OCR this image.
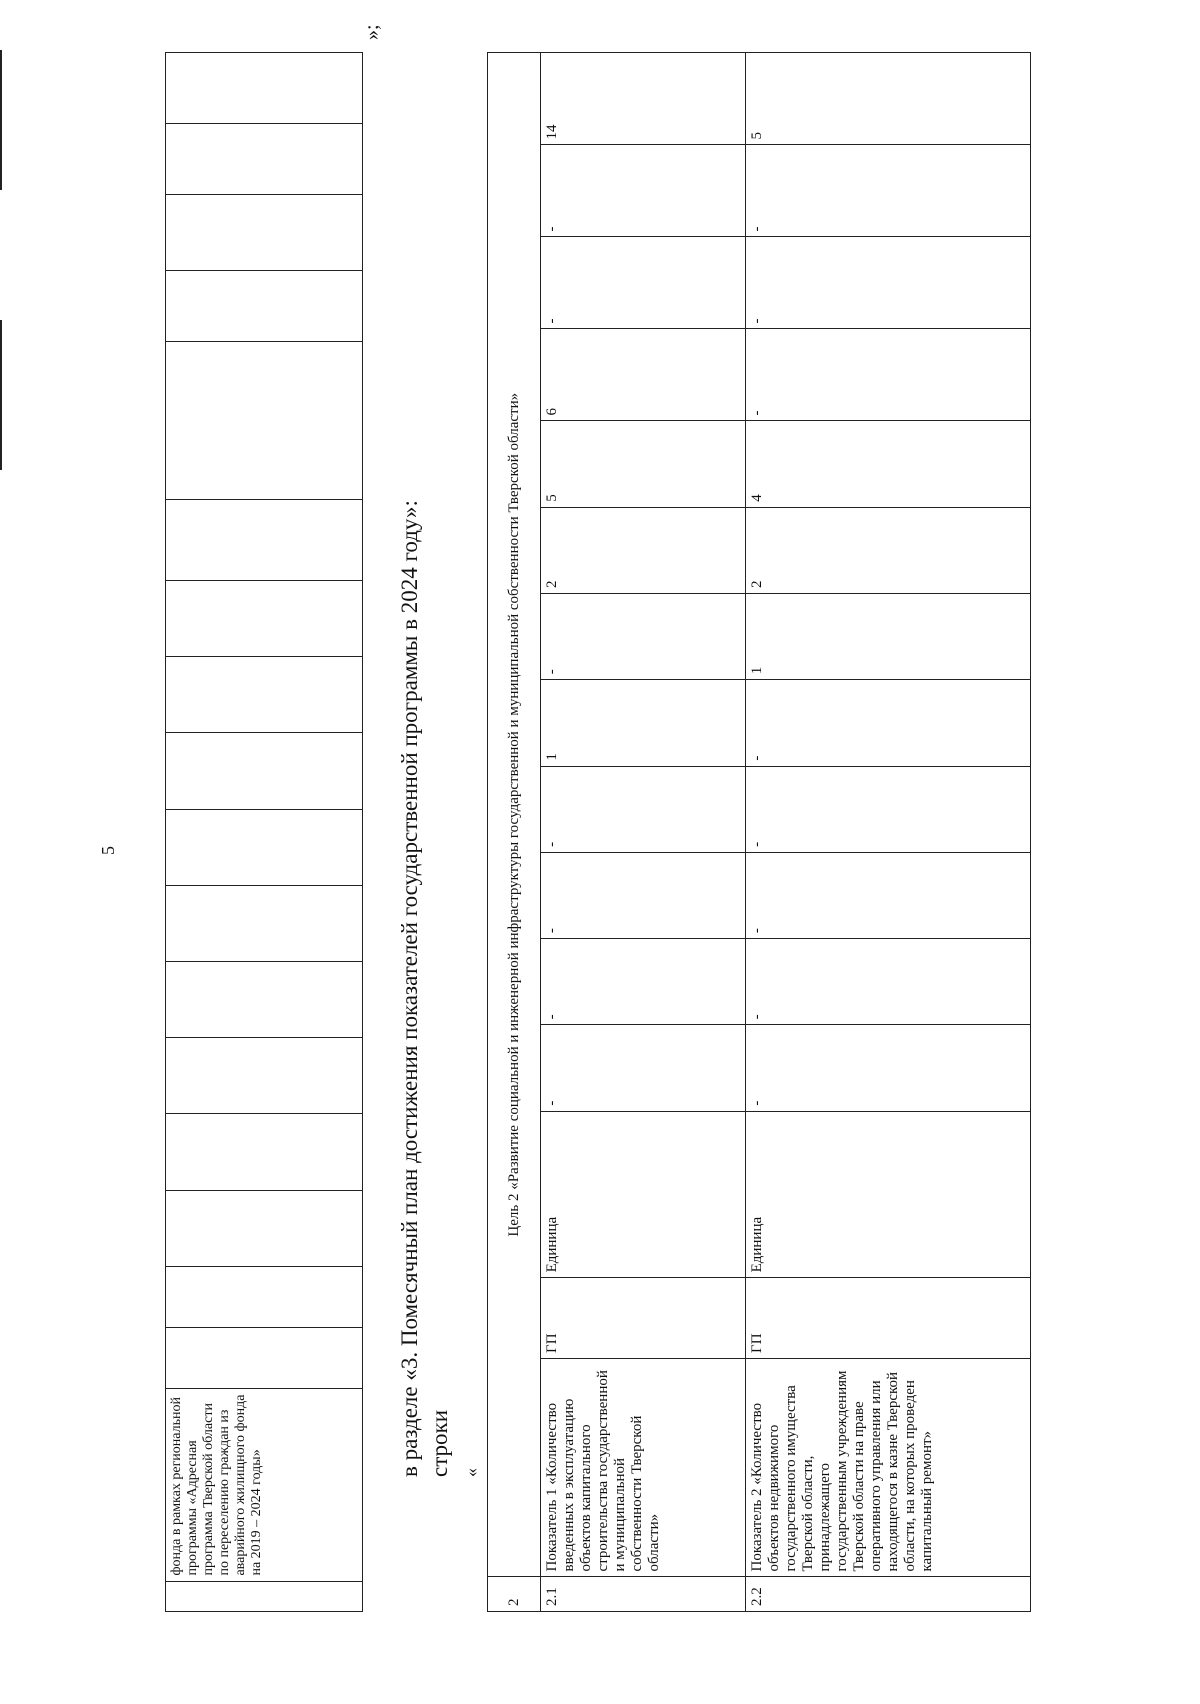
5
	фонда в рамках региональной программы «Адресная программа Тверской области по переселению граждан из аварийного жилищного фонда на 2019 – 2024 годы»																	
»;
в разделе «3. Помесячный план достижения показателей государственной программы в 2024 году»: строки «
2	Цель 2 «Развитие социальной и инженерной инфраструктуры государственной и муниципальной собственности Тверской области»														
2.1	Показатель 1 «Количество введенных в эксплуатацию объектов капитального строительства государственной и муниципальной собственности Тверской области»	ГП	Единица	-	-	-	-	1	-	2	5	6	-	-	14
2.2	Показатель 2 «Количество объектов недвижимого государственного имущества Тверской области, принадлежащего государственным учреждениям Тверской области на праве оперативного управления или находящегося в казне Тверской области, на которых проведен капитальный ремонт»	ГП	Единица	-	-	-	-	-	1	2	4	-	-	-	5
